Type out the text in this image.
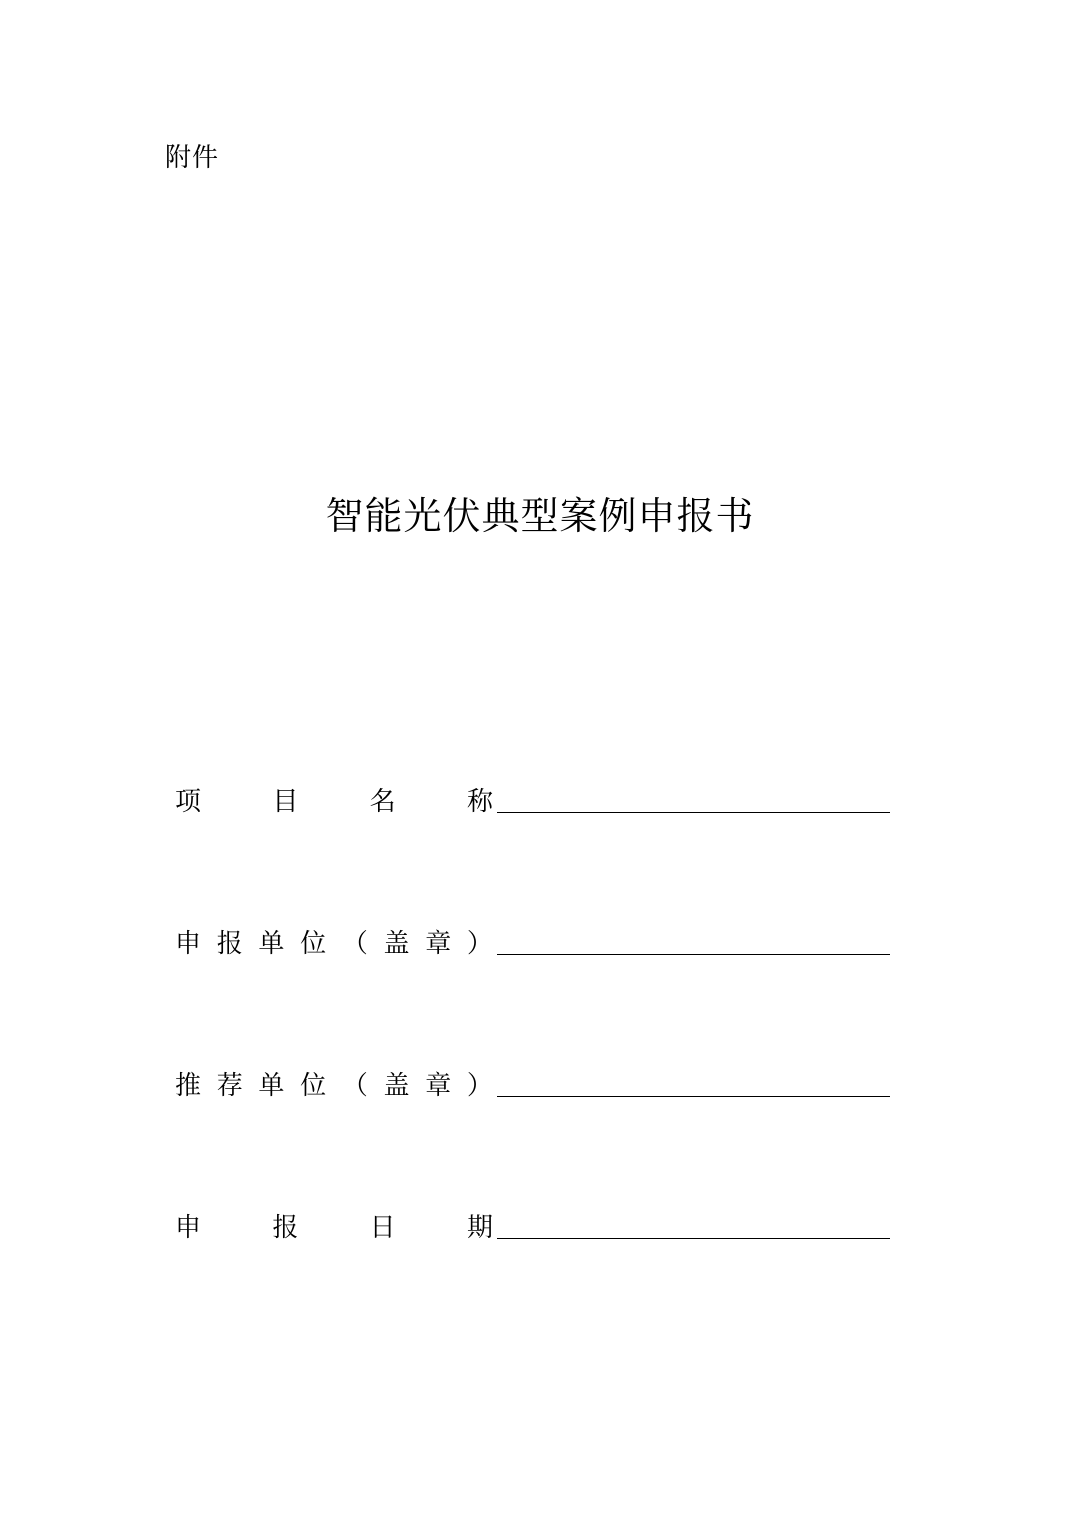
附件
智能光伏典型案例申报书
项	目	名	称
申 报 单 位 （ 盖 章 ）
推 荐 单 位 （ 盖 章 ）
申	报	日	期
